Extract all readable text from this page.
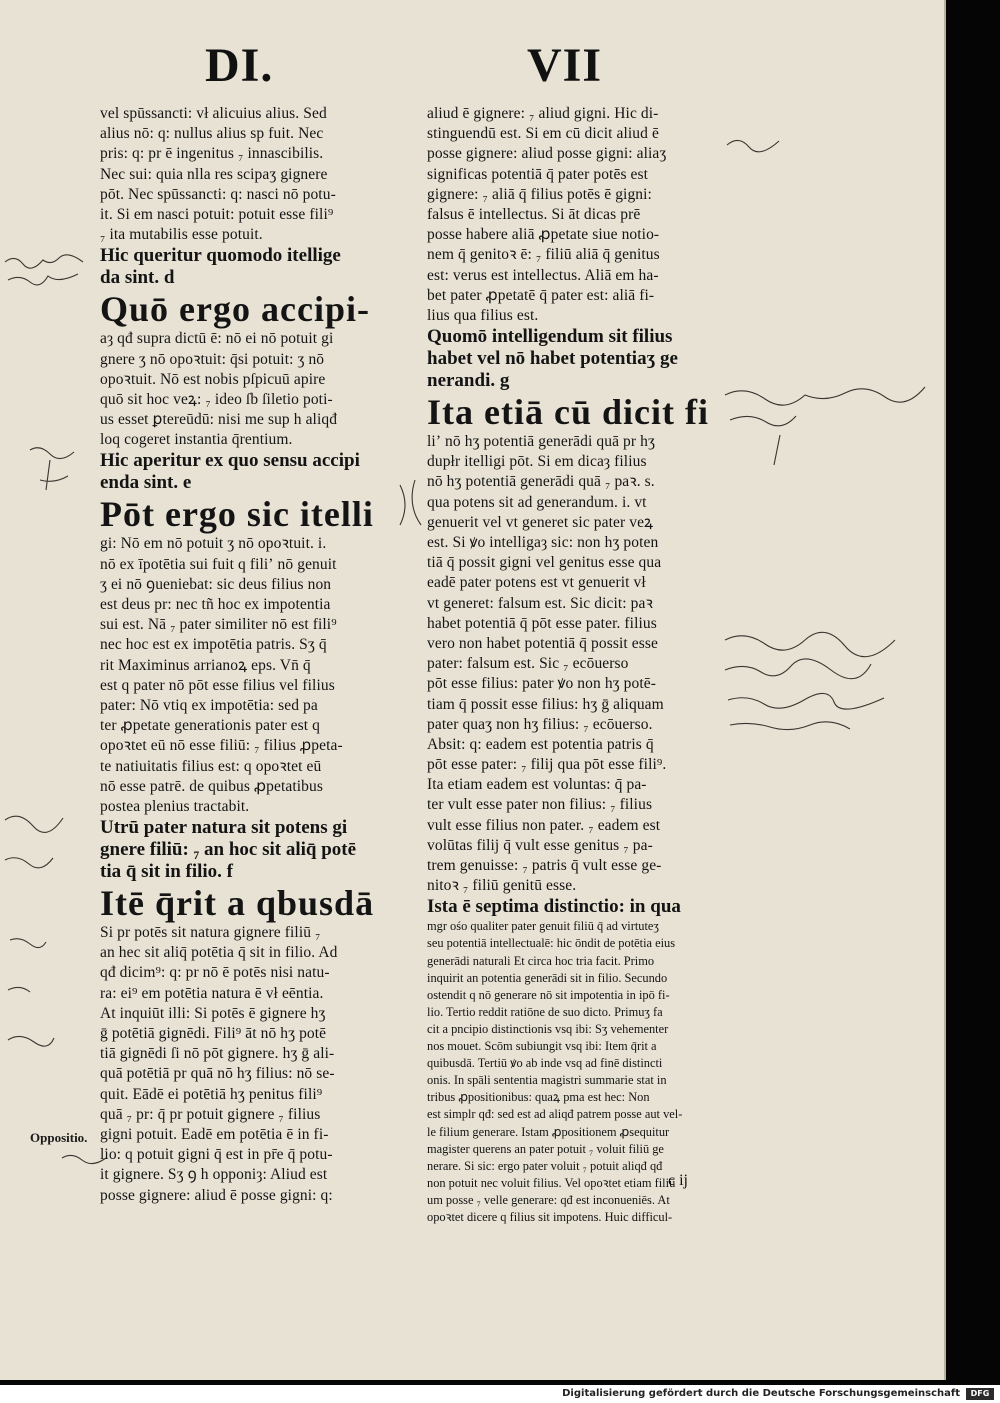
DI.	VII
vel spūssancti: vł alicuius alius. Sed
alius nō: q: nullus alius sp fuit. Nec
pris: q: pr ē ingenitus ₇ innascibilis.
Nec sui: quia nlla res scipaʒ gignere
pōt. Nec spūssancti: q: nasci nō potu-
it. Si em nasci potuit: potuit esse fili⁹
₇ ita mutabilis esse potuit.
Hic queritur quomodo itellige
da sint. d
Quō ergo accipi-
aȝ qđ supra dictū ē: nō ei nō potuit gi
gnere ʒ nō opoꝛtuit: q̄si potuit: ʒ nō
opoꝛtuit. Nō est nobis pſpicuū apire
quō sit hoc veꝝ: ₇ ideo ſb ſiletio poti-
us esset ꝑtereūdū: nisi me sup h aliqđ
loq cogeret instantia q̄rentium.
Hic aperitur ex quo sensu accipi
enda sint. e
Pōt ergo sic itelli
gi: Nō em nō potuit ʒ nō opoꝛtuit. i.
nō ex īpotētia sui fuit q filiʼ nō genuit
ʒ ei nō ꝯueniebat: sic deus filius non
est deus pr: nec tñ hoc ex impotentia
sui est. Nā ₇ pater similiter nō est fili⁹
nec hoc est ex impotētia patris. Sʒ q̄
rit Maximinus arrianoꝝ eps. Vn̄ q̄
est q pater nō pōt esse filius vel filius
pater: Nō vtiq ex impotētia: sed pa
ter ꝓpetate generationis pater est q
opoꝛtet eū nō esse filiū: ₇ filius ꝓpeta-
te natiuitatis filius est: q opoꝛtet eū
nō esse patrē. de quibus ꝓpetatibus
postea plenius tractabit.
Utrū pater natura sit potens gi
gnere filiū: ₇ an hoc sit aliq̄ potē
tia q̄ sit in filio. f
Itē q̄rit a qbusdā
Si pr potēs sit natura gignere filiū ₇
an hec sit aliq̄ potētia q̄ sit in filio. Ad
qđ dicim⁹: q: pr nō ē potēs nisi natu-
ra: ei⁹ em potētia natura ē vł eēntia.
At inquiūt illi: Si potēs ē gignere hʒ
ḡ potētiā gignēdi. Fili⁹ āt nō hʒ potē
tiā gignēdi ſi nō pōt gignere. hʒ ḡ ali-
quā potētiā pr quā nō hʒ filius: nō se-
quit. Eādē ei potētiā hʒ penitus fili⁹
quā ₇ pr: q̄ pr potuit gignere ₇ filius
gigni potuit. Eadē em potētia ē in fi-
lio: q potuit gigni q̄ est in pr̄e q̄ potu-
it gignere. Sʒ ꝯ h opponiȝ: Aliud est
posse gignere: aliud ē posse gigni: q:
aliud ē gignere: ₇ aliud gigni. Hic di-
stinguendū est. Si em cū dicit aliud ē
posse gignere: aliud posse gigni: aliaʒ
significas potentiā q̄ pater potēs est
gignere: ₇ aliā q̄ filius potēs ē gigni:
falsus ē intellectus. Si āt dicas prē
posse habere aliā ꝓpetate siue notio-
nem q̄ genitoꝛ ē: ₇ filiū aliā q̄ genitus
est: verus est intellectus. Aliā em ha-
bet pater ꝓpetatē q̄ pater est: aliā fi-
lius qua filius est.
Quomō intelligendum sit filius
habet vel nō habet potentiaʒ ge
nerandi. g
Ita etiā cū dicit fi
liʼ nō hʒ potentiā generādi quā pr hʒ
dupłr itelligi pōt. Si em dicaȝ filius
nō hʒ potentiā generādi quā ₇ paꝛ. s.
qua potens sit ad generandum. i. vt
genuerit vel vt generet sic pater veꝝ
est. Si ꝟo intelligaȝ sic: non hʒ poten
tiā q̄ possit gigni vel genitus esse qua
eadē pater potens est vt genuerit vł
vt generet: falsum est. Sic dicit: paꝛ
habet potentiā q̄ pōt esse pater. filius
vero non habet potentiā q̄ possit esse
pater: falsum est. Sic ₇ ecōuerso
pōt esse filius: pater ꝟo non hʒ potē-
tiam q̄ possit esse filius: hʒ ḡ aliquam
pater quaʒ non hʒ filius: ₇ ecōuerso.
Absit: q: eadem est potentia patris q̄
pōt esse pater: ₇ filij qua pōt esse fili⁹.
Ita etiam eadem est voluntas: q̄ pa-
ter vult esse pater non filius: ₇ filius
vult esse filius non pater. ₇ eadem est
volūtas filij q̄ vult esse genitus ₇ pa-
trem genuisse: ₇ patris q̄ vult esse ge-
nitoꝛ ₇ filiū genitū esse.
Ista ē septima distinctio: in qua
mgr ośo qualiter pater genuit filiū q̄ ad virtuteʒ
seu potentiā intellectualē: hic ōndit de potētia eius
generādi naturali Et circa hoc tria facit. Primo
inquirit an potentia generādi sit in filio. Secundo
ostendit q nō generare nō sit impotentia in ipō fi-
lio. Tertio reddit ratiōne de suo dicto. Primuʒ fa
cit a pncipio distinctionis vsq ibi: Sʒ vehementer
nos mouet. Scōm subiungit vsq ibi: Item q̄rit a
quibusdā. Tertiū ꝟo ab inde vsq ad finē distincti
onis. In spāli sententia magistri summarie stat in
tribus ꝓpositionibus: quaꝝ pma est hec: Non
est simplr qđ: sed est ad aliqđ patrem posse aut vel-
le filium generare. Istam ꝓpositionem ꝓsequitur
magister querens an pater potuit ₇ voluit filiū ge
nerare. Si sic: ergo pater voluit ₇ potuit aliqđ qđ
non potuit nec voluit filius. Vel opoꝛtet etiam filiū
um posse ₇ velle generare: qđ est inconueniēs. At
opoꝛtet dicere q filius sit impotens. Huic difficul-
Oppositio.
c ij
Digitalisierung gefördert durch die Deutsche Forschungsgemeinschaft	DFG
